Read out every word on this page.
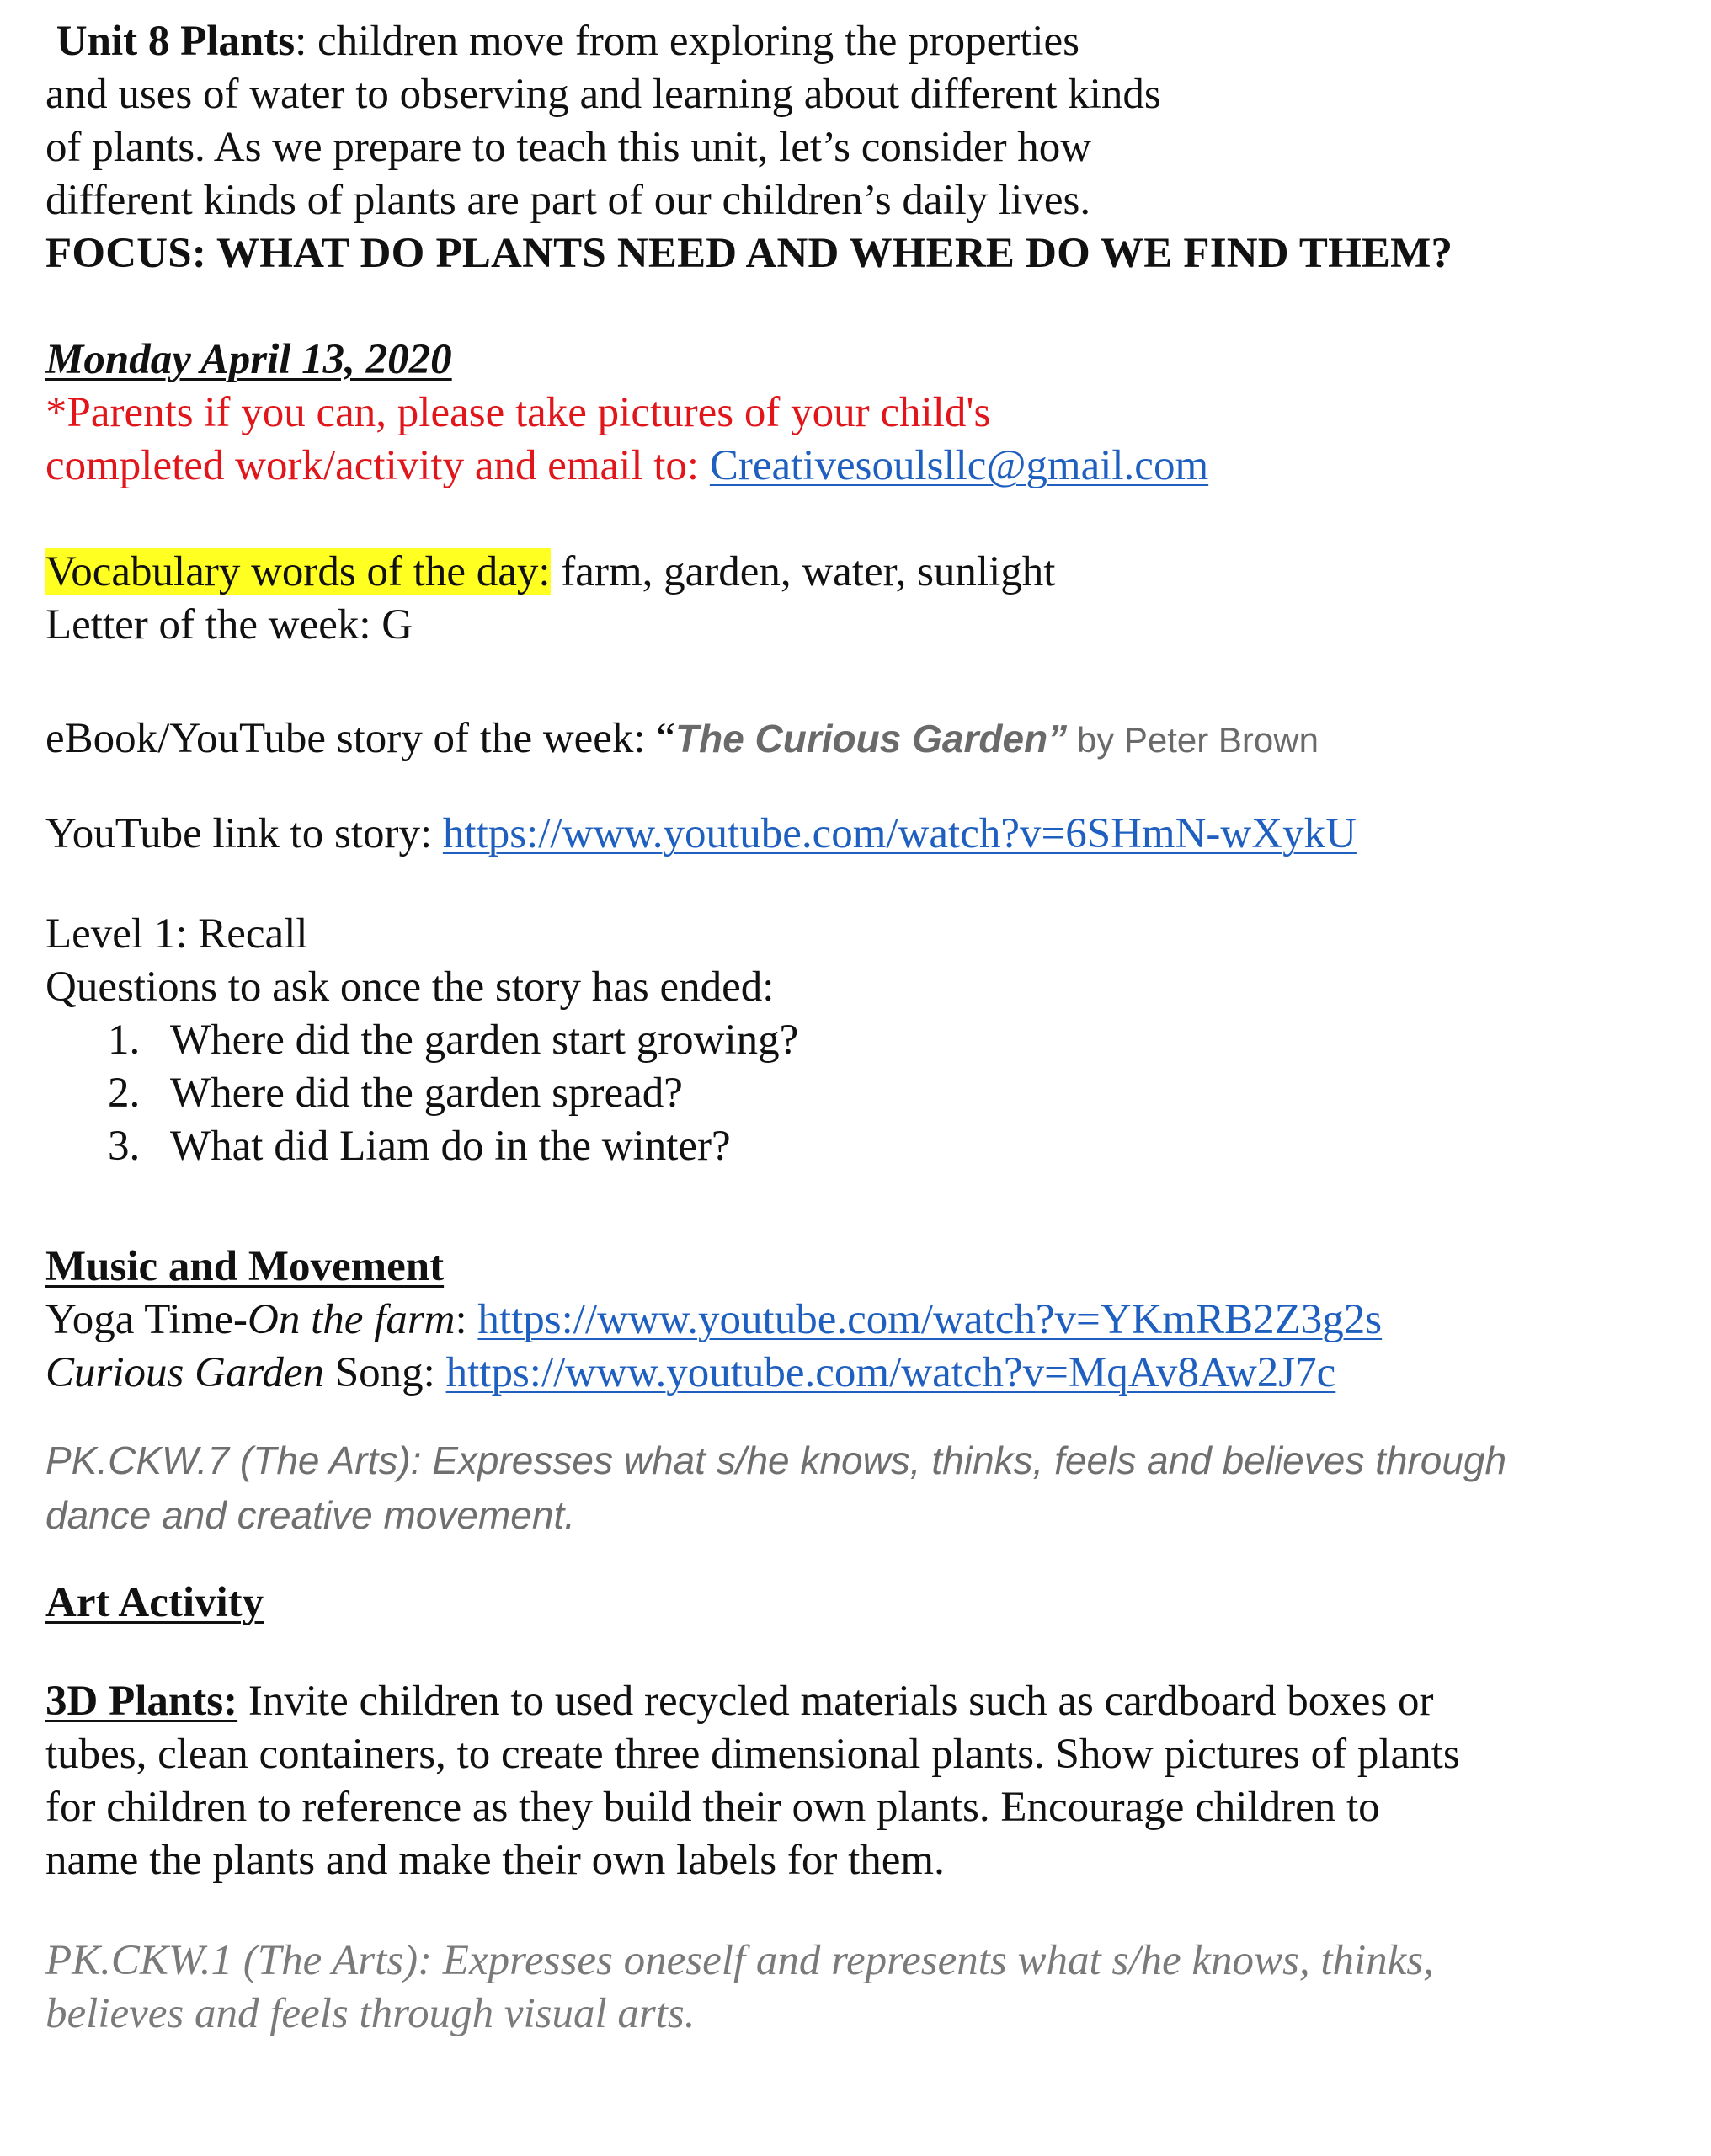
Unit 8 Plants: children move from exploring the properties
and uses of water to observing and learning about different kinds
of plants. As we prepare to teach this unit, let’s consider how
different kinds of plants are part of our children’s daily lives.
FOCUS: WHAT DO PLANTS NEED AND WHERE DO WE FIND THEM?
Monday April 13, 2020
*Parents if you can, please take pictures of your child's
completed work/activity and email to: Creativesoulsllc@gmail.com
Vocabulary words of the day: farm, garden, water, sunlight
Letter of the week: G
eBook/YouTube story of the week: “The Curious Garden” by Peter Brown
YouTube link to story: https://www.youtube.com/watch?v=6SHmN-wXykU
Level 1: Recall
Questions to ask once the story has ended:
1. Where did the garden start growing?
2. Where did the garden spread?
3. What did Liam do in the winter?
Music and Movement
Yoga Time-On the farm: https://www.youtube.com/watch?v=YKmRB2Z3g2s
Curious Garden Song: https://www.youtube.com/watch?v=MqAv8Aw2J7c
PK.CKW.7 (The Arts): Expresses what s/he knows, thinks, feels and believes through
dance and creative movement.
Art Activity
3D Plants: Invite children to used recycled materials such as cardboard boxes or
tubes, clean containers, to create three dimensional plants. Show pictures of plants
for children to reference as they build their own plants. Encourage children to
name the plants and make their own labels for them.
PK.CKW.1 (The Arts): Expresses oneself and represents what s/he knows, thinks,
believes and feels through visual arts.
